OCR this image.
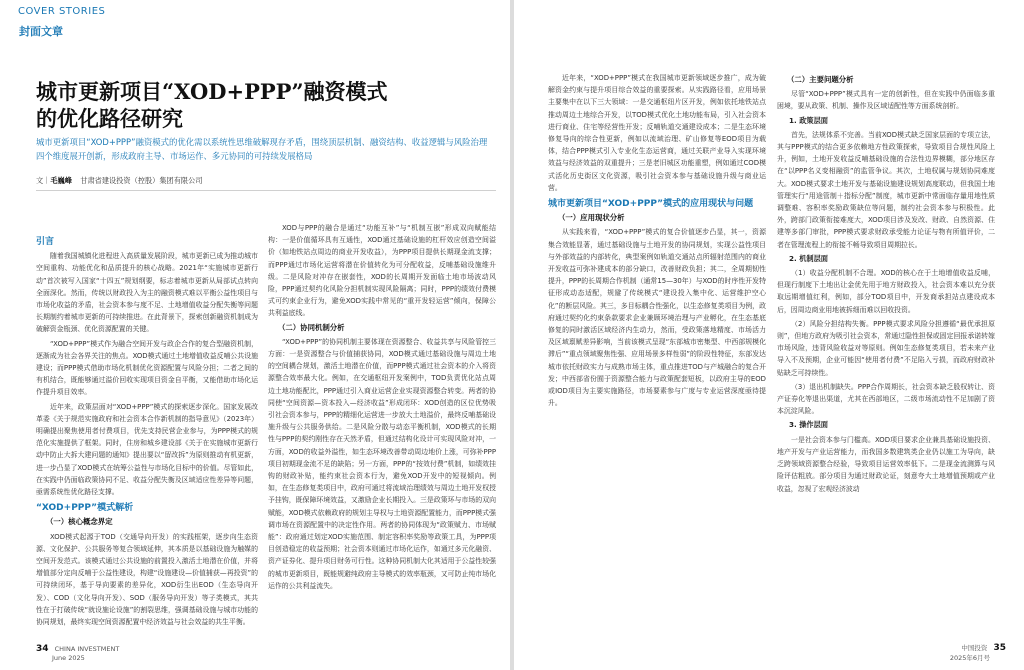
COVER STORIES
封面文章
城市更新项目“XOD+PPP”融资模式
的优化路径研究
城市更新项目“XOD+PPP”融资模式的优化需以系统性思维破解现存矛盾，围绕顶层机制、融资结构、收益逻辑与风险治理四个维度展开创新，形成政府主导、市场运作、多元协同的可持续发展格局
文｜毛巍峰 甘肃省建设投资（控股）集团有限公司
引言

随着我国城镇化进程进入高质量发展阶段，城市更新已成为推动城市空间重构、功能优化和品质提升的核心战略。2021年“实施城市更新行动”首次被写入国家“十四五”规划纲要，标志着城市更新从局部试点转向全面深化。然而，传统以财政投入为主的融资模式难以平衡公益性项目与市场化收益的矛盾，社会资本参与度不足、土地增值收益分配失衡等问题长期制约着城市更新的可持续推进。在此背景下，探索创新融资机制成为破解资金瓶颈、优化资源配置的关键。

“XOD+PPP”模式作为融合空间开发与政企合作的复合型融资机制，逐渐成为社会各界关注的焦点。XOD模式通过土地增值收益反哺公共设施建设；而PPP模式借助市场化机制优化资源配置与风险分担；二者之间的有机结合，既能够通过溢价回收实现项目资金自平衡，又能借助市场化运作提升项目效率。

近年来，政策层面对“XOD+PPP”模式的探索逐步深化。国家发展改革委《关于规范实施政府和社会资本合作新机制的指导意见》（2023年）明确提出聚焦使用者付费项目，优先支持民营企业参与，为PPP模式的规范化实施提供了框架。同时，住房和城乡建设部《关于在实施城市更新行动中防止大拆大建问题的通知》提出要以“留改拆”为原则推动有机更新，进一步凸显了XOD模式在统筹公益性与市场化目标中的价值。尽管如此，在实践中仍面临政策协同不足、收益分配失衡及区域适应性差异等问题，亟需系统性优化路径支撑。

“XOD+PPP”模式解析
（一）核心概念界定

XOD模式起源于TOD（交通导向开发）的实践框架，逐步向生态资源、文化保护、公共服务等复合领域延伸，其本质是以基础设施为触媒的空间开发范式。该模式通过公共设施的前置投入激活土地潜在价值，并将增值部分定向反哺于公益性建设，构建“设施建设—价值捕获—再投资”的可持续闭环，基于导向要素的差异化，XOD衍生出EOD（生态导向开发）、COD（文化导向开发）、SOD（服务导向开发）等子类模式，其共性在于打破传统“就设施论设施”的割裂思维，强调基础设施与城市功能的协同规划，最终实现空间资源配置中经济效益与社会效益的共生平衡。

XOD与PPP的融合是通过“功能互补”与“机制互嵌”形成双向赋能结构：一是价值循环具有互通性，XOD通过基础设施的杠杆效应创造空间溢价（如地铁站点周边的商业开发收益），为PPP项目提供长期现金流支撑；而PPP通过市场化运营将潜在价值转化为可分配收益，反哺基础设施维升级。二是风险对冲存在嵌套性，XOD的长周期开发面临土地市场波动风险，PPP通过契约化风险分担机制实现风险隔离；同时，PPP的绩效付费模式可约束企业行为，避免XOD实践中常见的“重开发轻运营”倾向，保障公共利益底线。

（二）协同机制分析

“XOD+PPP”的协同机制主要体现在资源整合、收益共享与风险管控三方面：一是资源整合与价值捕获协同，XOD模式通过基础设施与周边土地的空间耦合规划，激活土地潜在价值，而PPP模式通过社会资本的介入将资源整合效率最大化。例如，在交通枢纽开发案例中，TOD负责优化站点周边土地功能配比，PPP通过引入商业运营企业实现资源整合转变。两者的协同使“空间资源—资本投入—经济收益”形成闭环：XOD创造的区位优势吸引社会资本参与，PPP的精细化运营进一步放大土地溢价，最终反哺基础设施升级与公共服务供给。二是风险分散与动态平衡机制，XOD模式的长期性与PPP的契约刚性存在天然矛盾，但通过结构化设计可实现风险对冲，一方面，XOD的收益外溢性，如生态环境改善带动周边地价上涨，可弥补PPP项目初期现金流不足的缺陷；另一方面，PPP的“按效付费”机制，如绩效挂钩的财政补贴，能约束社会资本行为，避免XOD开发中的短视倾向。例如，在生态修复类项目中，政府可通过将流域治理绩效与周边土地开发权授予挂钩，既保障环境效益，又激励企业长期投入。三是政策环与市场的双向赋能，XOD模式依赖政府的规划主导权与土地资源配置能力，而PPP模式强调市场在资源配置中的决定性作用。两者的协同体现为“政策赋力、市场赋能”：政府通过划定XOD实施范围、制定容积率奖励等政策工具，为PPP项目创造稳定的收益预期；社会资本则通过市场化运作，如通过多元化融资、资产证券化、提升项目财务可行性。这种协同机制大化其适用于公益性较强的城市更新项目，既能规避纯政府主导模式的效率瓶颈，又可防止纯市场化运作的公共利益流失。

34 CHINA INVESTMENT
June 2025

近年来，“XOD+PPP”模式在我国城市更新领域逐步推广，成为破解资金约束与提升项目综合效益的重要探索。从实践路径看，应用场景主要集中在以下三大领域：一是交通枢纽片区开发，例如依托地铁站点推动周边土地综合开发，以TOD模式优化土地功能布局，引入社会资本进行商业、住宅等经营性开发；反哺轨道交通建设成本；二是生态环境修复导向的综合性更新，例如以流域治理、矿山修复等EOD项目为载体，结合PPP模式引入专业化生态运营商，通过关联产业导入实现环境效益与经济效益的双重提升；三是老旧城区功能重塑，例如通过COD模式活化历史街区文化资源，吸引社会资本参与基础设施升级与商业运营。

城市更新项目“XOD+PPP”模式的应用现状与问题
（一）应用现状分析

从实践来看，“XOD+PPP”模式的复合价值逐步凸显，其一，资源集合效能显著，通过基础设施与土地开发的协同规划，实现公益性项目与外部效益的内部转化，典型案例如轨道交通站点所辐射范围内的商业开发收益可弥补建成本的部分缺口，改善财政负担；其二，全周期韧性提升，PPP的长周期合作机制（通常15—30年）与XOD的时序性开发特征形成动态适配，规避了传统模式“建设投入集中化、运营维护空心化”的断层风险。其三，多目标耦合性强化，以生态修复类项目为例，政府通过契约化约束条款要求企业兼顾环境治理与产业孵化，在生态基底修复的同时激活区域经济内生动力，然而，受政策落地精度、市场活力及区域禀赋差异影响，当前该模式呈现“东部城市密集型、中西部规模化滞后”“重点领域聚焦性强、应用场景多样性弱”的阶段性特征，东部发达城市依托财政实力与成熟市场主体，重点推进TOD与产城融合的复合开发；中西部省份囿于资源整合能力与政策配套短板，以政府主导的EOD或IOD项目为主要实施路径，市场要素参与广度与专业运营深度亟待提升。

（二）主要问题分析

尽管“XOD+PPP”模式具有一定的创新性，但在实践中仍面临多重困境，要从政策、机制、操作及区域适配性等方面系统剖析。

1. 政策层面

首先，法规体系不完善。当前XOD模式缺乏国家层面的专项立法，其与PPP模式的结合更多依赖地方性政策探索，导致项目合规性风险上升，例如，土地开发收益反哺基础设施的合法性边界模糊，部分地区存在“以PPP名义变相融资”的监管争议。其次，土地权属与规划协同难度大。XOD模式要求土地开发与基础设施建设规划高度联动，但我国土地管理实行“用途管制＋指标分配”制度，城市更新中常面临存量用地性质调整难、容积率奖励政策缺位等问题，制约社会资本参与积极性。此外，跨部门政策衔接难度大，XOD项目涉及发改、财政、自然资源、住建等多部门审批，PPP模式要求财政承受能力论证与物有所值评价，二者在管理流程上的衔接不畅导致项目周期拉长。

2. 机制层面

（1）收益分配机制不合理。XOD的核心在于土地增值收益反哺，但现行制度下土地出让金优先用于地方财政投入，社会资本难以充分获取远期增值红利，例如，部分TOD项目中，开发商承担站点建设成本后，因周边商业用地被拆细而难以回收投资。

（2）风险分担结构失衡。PPP模式要求风险分担遵循“最优承担原则”，但地方政府为吸引社会资本，常通过隐性担保或固定回报承诺转嫁市场风险，违背风险收益对等原则。例如生态修复类项目，若未来产业导入不及预期，企业可能因“使用者付费”不足陷入亏损，而政府财政补贴缺乏可持续性。

（3）退出机制缺失。PPP合作周期长，社会资本缺乏股权转让、资产证券化等退出渠道，尤其在西部地区，二级市场流动性不足加剧了资本沉淀风险。

3. 操作层面

一是社会资本参与门槛高。XOD项目要求企业兼具基础设施投资、地产开发与产业运营能力，而我国多数建筑类企业仍以施工为导向，缺乏跨领域资源整合经验，导致项目运营效率低下。二是现金流测算与风险评估粗放。部分项目为通过财政论证，刻意夸大土地增值预期或产业收益，忽视了宏观经济波动

中国投资 35
2025年6月号
